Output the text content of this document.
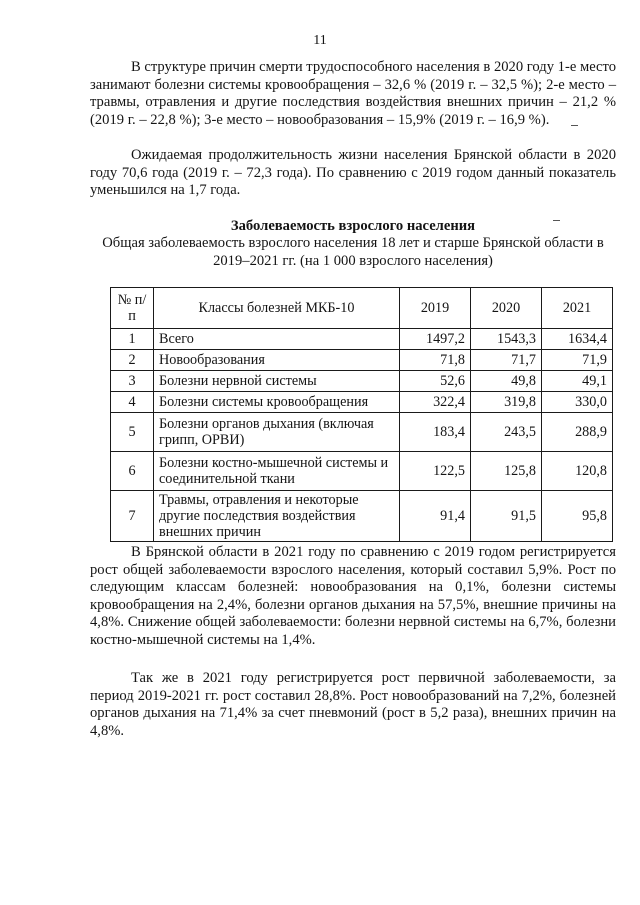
11

В структуре причин смерти трудоспособного населения в 2020 году 1-е место занимают болезни системы кровообращения – 32,6 % (2019 г. – 32,5 %); 2-е место – травмы, отравления и другие последствия воздействия внешних причин – 21,2 % (2019 г. – 22,8 %); 3-е место – новообразования – 15,9% (2019 г. – 16,9 %).

Ожидаемая продолжительность жизни населения Брянской области в 2020 году 70,6 года (2019 г. – 72,3 года). По сравнению с 2019 годом данный показатель уменьшился на 1,7 года.

Заболеваемость взрослого населения
Общая заболеваемость взрослого населения 18 лет и старше Брянской области в 2019–2021 гг. (на 1 000 взрослого населения)
№ п/п	Классы болезней МКБ-10	2019	2020	2021
1	Всего	1497,2	1543,3	1634,4
2	Новообразования	71,8	71,7	71,9
3	Болезни нервной системы	52,6	49,8	49,1
4	Болезни системы кровообращения	322,4	319,8	330,0
5	Болезни органов дыхания (включая грипп, ОРВИ)	183,4	243,5	288,9
6	Болезни костно-мышечной системы и соединительной ткани	122,5	125,8	120,8
7	Травмы, отравления и некоторые другие последствия воздействия внешних причин	91,4	91,5	95,8

В Брянской области в 2021 году по сравнению с 2019 годом регистрируется рост общей заболеваемости взрослого населения, который составил 5,9%. Рост по следующим классам болезней: новообразования на 0,1%, болезни системы кровообращения на 2,4%, болезни органов дыхания на 57,5%, внешние причины на 4,8%. Снижение общей заболеваемости: болезни нервной системы на 6,7%, болезни костно-мышечной системы на 1,4%.

Так же в 2021 году регистрируется рост первичной заболеваемости, за период 2019-2021 гг. рост составил 28,8%. Рост новообразований на 7,2%, болезней органов дыхания на 71,4% за счет пневмоний (рост в 5,2 раза), внешних причин на 4,8%.
